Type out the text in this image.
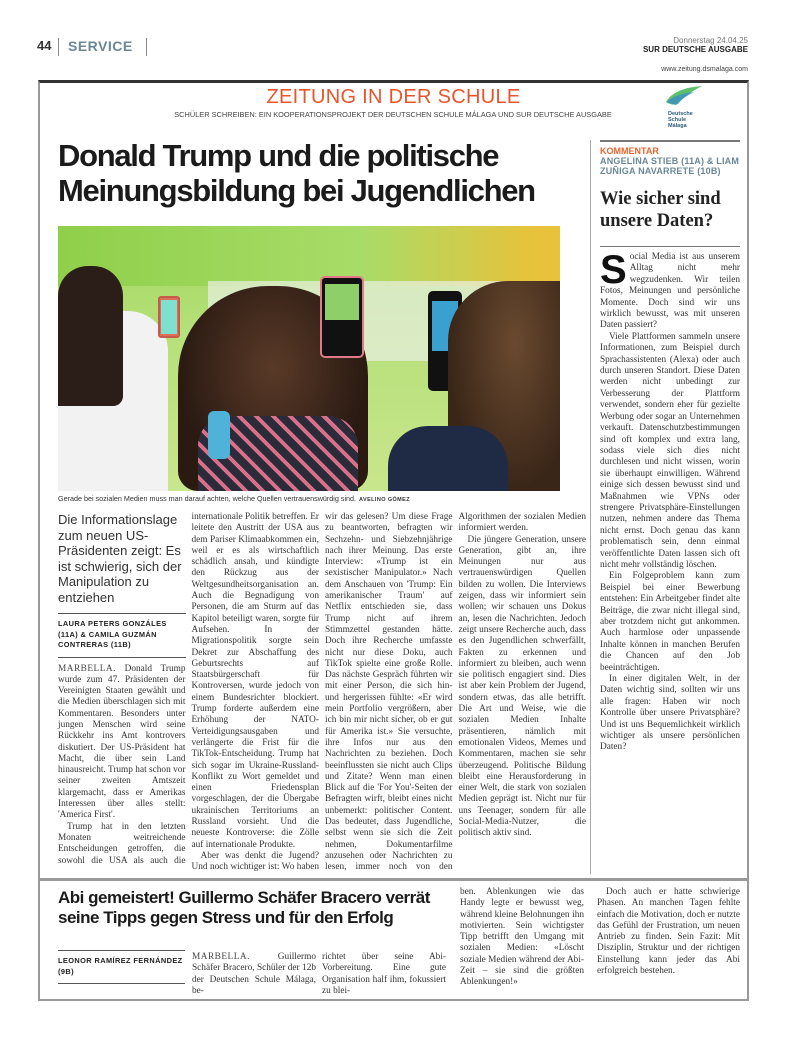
44 SERVICE	Donnerstag 24.04.25
SUR DEUTSCHE AUSGABE
www.zeitung.dsmalaga.com
ZEITUNG IN DER SCHULE
SCHÜLER SCHREIBEN: EIN KOOPERATIONSPROJEKT DER DEUTSCHEN SCHULE MÁLAGA UND SUR DEUTSCHE AUSGABE	Deutsche
Schule
Málaga
Donald Trump und die politische Meinungsbildung bei Jugendlichen
Gerade bei sozialen Medien muss man darauf achten, welche Quellen vertrauenswürdig sind. AVELINO GÓMEZ
Die Informationslage zum neuen US-Präsidenten zeigt: Es ist schwierig, sich der Manipulation zu entziehen
LAURA PETERS GONZÁLES (11A) & CAMILA GUZMÁN CONTRERAS (11B)

MARBELLA. Donald Trump wurde zum 47. Präsidenten der Vereinigten Staaten gewählt und die Medien überschlagen sich mit Kommentaren. Besonders unter jungen Menschen wird seine Rückkehr ins Amt kontrovers diskutiert. Der US-Präsident hat Macht, die über sein Land hinausreicht. Trump hat schon vor seiner zweiten Amtszeit klargemacht, dass er Amerikas Interessen über alles stellt: 'America First'.

Trump hat in den letzten Monaten weitreichende Entscheidungen getroffen, die sowohl die USA als auch die internationale Politik betreffen. Er leitete den Austritt der USA aus dem Pariser Klimaabkommen ein, weil er es als wirtschaftlich schädlich ansah, und kündigte den Rückzug aus der Weltgesundheitsorganisation an. Auch die Begnadigung von Personen, die am Sturm auf das Kapitol beteiligt waren, sorgte für Aufsehen. In der Migrationspolitik sorgte sein Dekret zur Abschaffung des Geburtsrechts auf Staatsbürgerschaft für Kontroversen, wurde jedoch von einem Bundesrichter blockiert. Trump forderte außerdem eine Erhöhung der NATO-Verteidigungsausgaben und verlängerte die Frist für die TikTok-Entscheidung. Trump hat sich sogar im Ukraine-Russland-Konflikt zu Wort gemeldet und einen Friedensplan vorgeschlagen, der die Übergabe ukrainischen Territoriums an Russland vorsieht. Und die neueste Kontroverse: die Zölle auf internationale Produkte.

Aber was denkt die Jugend? Und noch wichtiger ist: Wo haben wir das gelesen? Um diese Frage zu beantworten, befragten wir Sechzehn- und Siebzehnjährige nach ihrer Meinung. Das erste Interview: «Trump ist ein sexistischer Manipulator.» Nach dem Anschauen von 'Trump: Ein amerikanischer Traum' auf Netflix entschieden sie, dass Trump nicht auf ihrem Stimmzettel gestanden hätte. Doch ihre Recherche umfasste nicht nur diese Doku, auch TikTok spielte eine große Rolle. Das nächste Gespräch führten wir mit einer Person, die sich hin- und hergerissen fühlte: «Er wird mein Portfolio vergrößern, aber ich bin mir nicht sicher, ob er gut für Amerika ist.» Sie versuchte, ihre Infos nur aus den Nachrichten zu beziehen. Doch beeinflussten sie nicht auch Clips und Zitate? Wenn man einen Blick auf die 'For You'-Seiten der Befragten wirft, bleibt eines nicht unbemerkt: politischer Content. Das bedeutet, dass Jugendliche, selbst wenn sie sich die Zeit nehmen, Dokumentarfilme anzusehen oder Nachrichten zu lesen, immer noch von den Algorithmen der sozialen Medien informiert werden.

Die jüngere Generation, unsere Generation, gibt an, ihre Meinungen nur aus vertrauenswürdigen Quellen bilden zu wollen. Die Interviews zeigen, dass wir informiert sein wollen; wir schauen uns Dokus an, lesen die Nachrichten. Jedoch zeigt unsere Recherche auch, dass es den Jugendlichen schwerfällt, Fakten zu erkennen und informiert zu bleiben, auch wenn sie politisch engagiert sind. Dies ist aber kein Problem der Jugend, sondern etwas, das alle betrifft. Die Art und Weise, wie die sozialen Medien Inhalte präsentieren, nämlich mit emotionalen Videos, Memes und Kommentaren, machen sie sehr überzeugend. Politische Bildung bleibt eine Herausforderung in einer Welt, die stark von sozialen Medien geprägt ist. Nicht nur für uns Teenager, sondern für alle Social-Media-Nutzer, die politisch aktiv sind.

KOMMENTAR
ANGELINA STIEB (11A) & LIAM ZUÑIGA NAVARRETE (10B)
Wie sicher sind unsere Daten?

Social Media ist aus unserem Alltag nicht mehr wegzudenken. Wir teilen Fotos, Meinungen und persönliche Momente. Doch sind wir uns wirklich bewusst, was mit unseren Daten passiert?

Viele Plattformen sammeln unsere Informationen, zum Beispiel durch Sprachassistenten (Alexa) oder auch durch unseren Standort. Diese Daten werden nicht unbedingt zur Verbesserung der Plattform verwendet, sondern eher für gezielte Werbung oder sogar an Unternehmen verkauft. Datenschutzbestimmungen sind oft komplex und extra lang, sodass viele sich dies nicht durchlesen und nicht wissen, worin sie überhaupt einwilligen. Während einige sich dessen bewusst sind und Maßnahmen wie VPNs oder strengere Privatsphäre-Einstellungen nutzen, nehmen andere das Thema nicht ernst. Doch genau das kann problematisch sein, denn einmal veröffentlichte Daten lassen sich oft nicht mehr vollständig löschen.

Ein Folgeproblem kann zum Beispiel bei einer Bewerbung entstehen: Ein Arbeitgeber findet alte Beiträge, die zwar nicht illegal sind, aber trotzdem nicht gut ankommen. Auch harmlose oder unpassende Inhalte können in manchen Berufen die Chancen auf den Job beeinträchtigen.

In einer digitalen Welt, in der Daten wichtig sind, sollten wir uns alle fragen: Haben wir noch Kontrolle über unsere Privatsphäre? Und ist uns Bequemlichkeit wirklich wichtiger als unsere persönlichen Daten?

Abi gemeistert! Guillermo Schäfer Bracero verrät seine Tipps gegen Stress und für den Erfolg
LEONOR RAMÍREZ FERNÁNDEZ (9B)
MARBELLA.	Guillermo Schäfer Bracero, Schüler der 12b der Deutschen Schule Málaga, be-
richtet über seine Abi-Vorbereitung. Eine gute Organisation half ihm, fokussiert zu blei-
ben. Ablenkungen wie das Handy legte er bewusst weg, während kleine Belohnungen ihn motivierten. Sein wichtigster Tipp betrifft den Umgang mit sozialen Medien: «Löscht soziale Medien während der Abi-Zeit – sie sind die größten Ablenkungen!»
Doch auch er hatte schwierige Phasen. An manchen Tagen fehlte einfach die Motivation, doch er nutzte das Gefühl der Frustration, um neuen Antrieb zu finden. Sein Fazit: Mit Disziplin, Struktur und der richtigen Einstellung kann jeder das Abi erfolgreich bestehen.
